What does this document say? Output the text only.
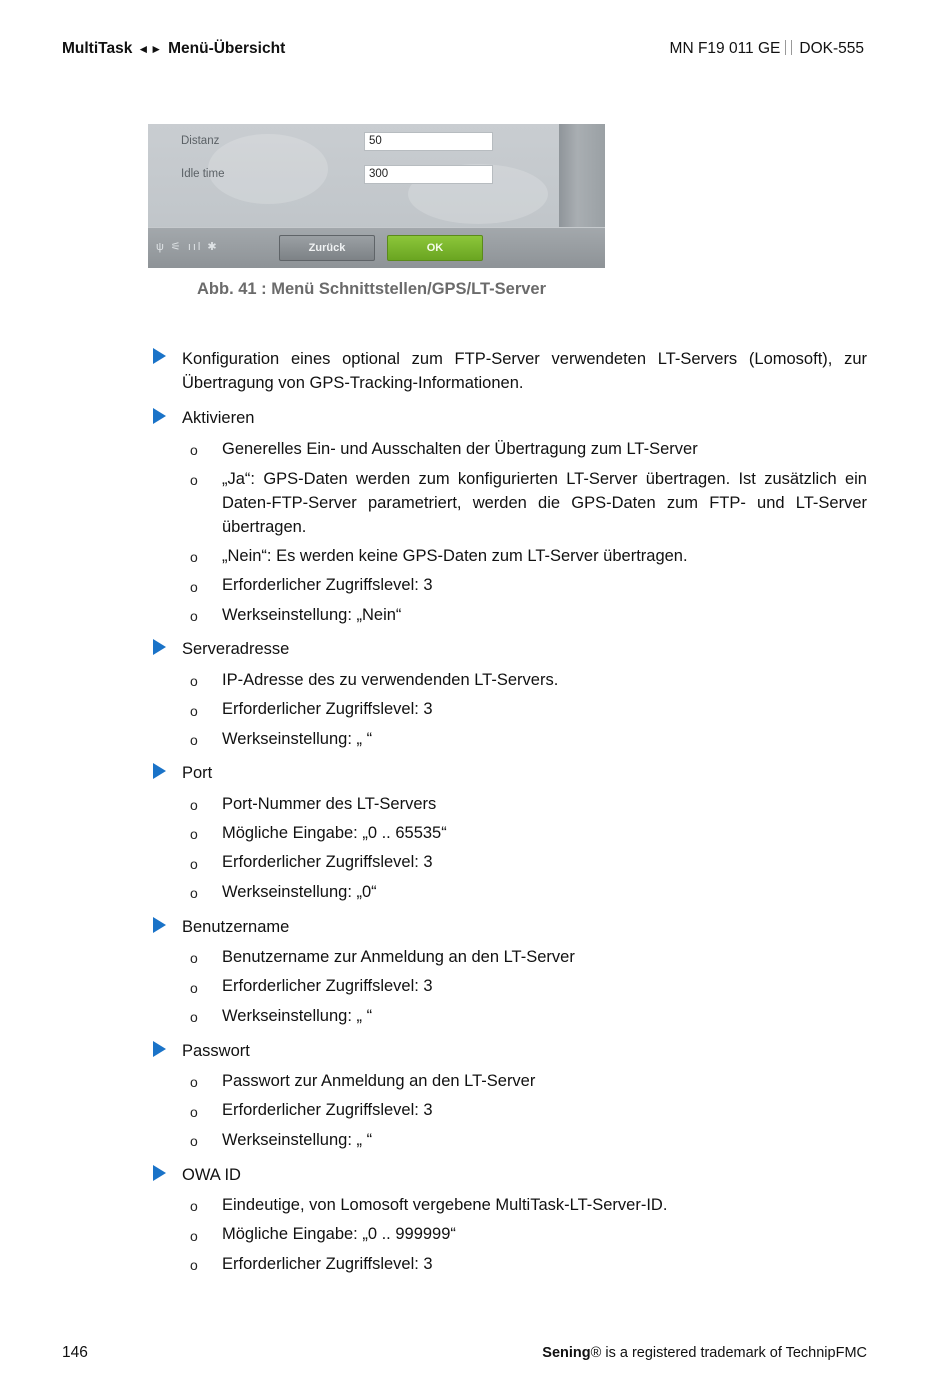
MultiTask ◄► Menü-Übersicht	MN F19 011 GE DOK-555
Distanz	50
Idle time	300
ψ ⚟ ııl ✱	Zurück	OK
Abb. 41 : Menü Schnittstellen/GPS/LT-Server
Konfiguration eines optional zum FTP-Server verwendeten LT-Servers (Lomosoft), zur Übertragung von GPS-Tracking-Informationen.
Aktivieren
o Generelles Ein- und Ausschalten der Übertragung zum LT-Server
o „Ja“: GPS-Daten werden zum konfigurierten LT-Server übertragen. Ist zusätzlich ein Daten-FTP-Server parametriert, werden die GPS-Daten zum FTP- und LT-Server übertragen.
o „Nein“: Es werden keine GPS-Daten zum LT-Server übertragen.
o Erforderlicher Zugriffslevel: 3
o Werkseinstellung: „Nein“
Serveradresse
o IP-Adresse des zu verwendenden LT-Servers.
o Erforderlicher Zugriffslevel: 3
o Werkseinstellung: „ “
Port
o Port-Nummer des LT-Servers
o Mögliche Eingabe: „0 .. 65535“
o Erforderlicher Zugriffslevel: 3
o Werkseinstellung: „0“
Benutzername
o Benutzername zur Anmeldung an den LT-Server
o Erforderlicher Zugriffslevel: 3
o Werkseinstellung: „ “
Passwort
o Passwort zur Anmeldung an den LT-Server
o Erforderlicher Zugriffslevel: 3
o Werkseinstellung: „ “
OWA ID
o Eindeutige, von Lomosoft vergebene MultiTask-LT-Server-ID.
o Mögliche Eingabe: „0 .. 999999“
o Erforderlicher Zugriffslevel: 3
146	Sening® is a registered trademark of TechnipFMC
